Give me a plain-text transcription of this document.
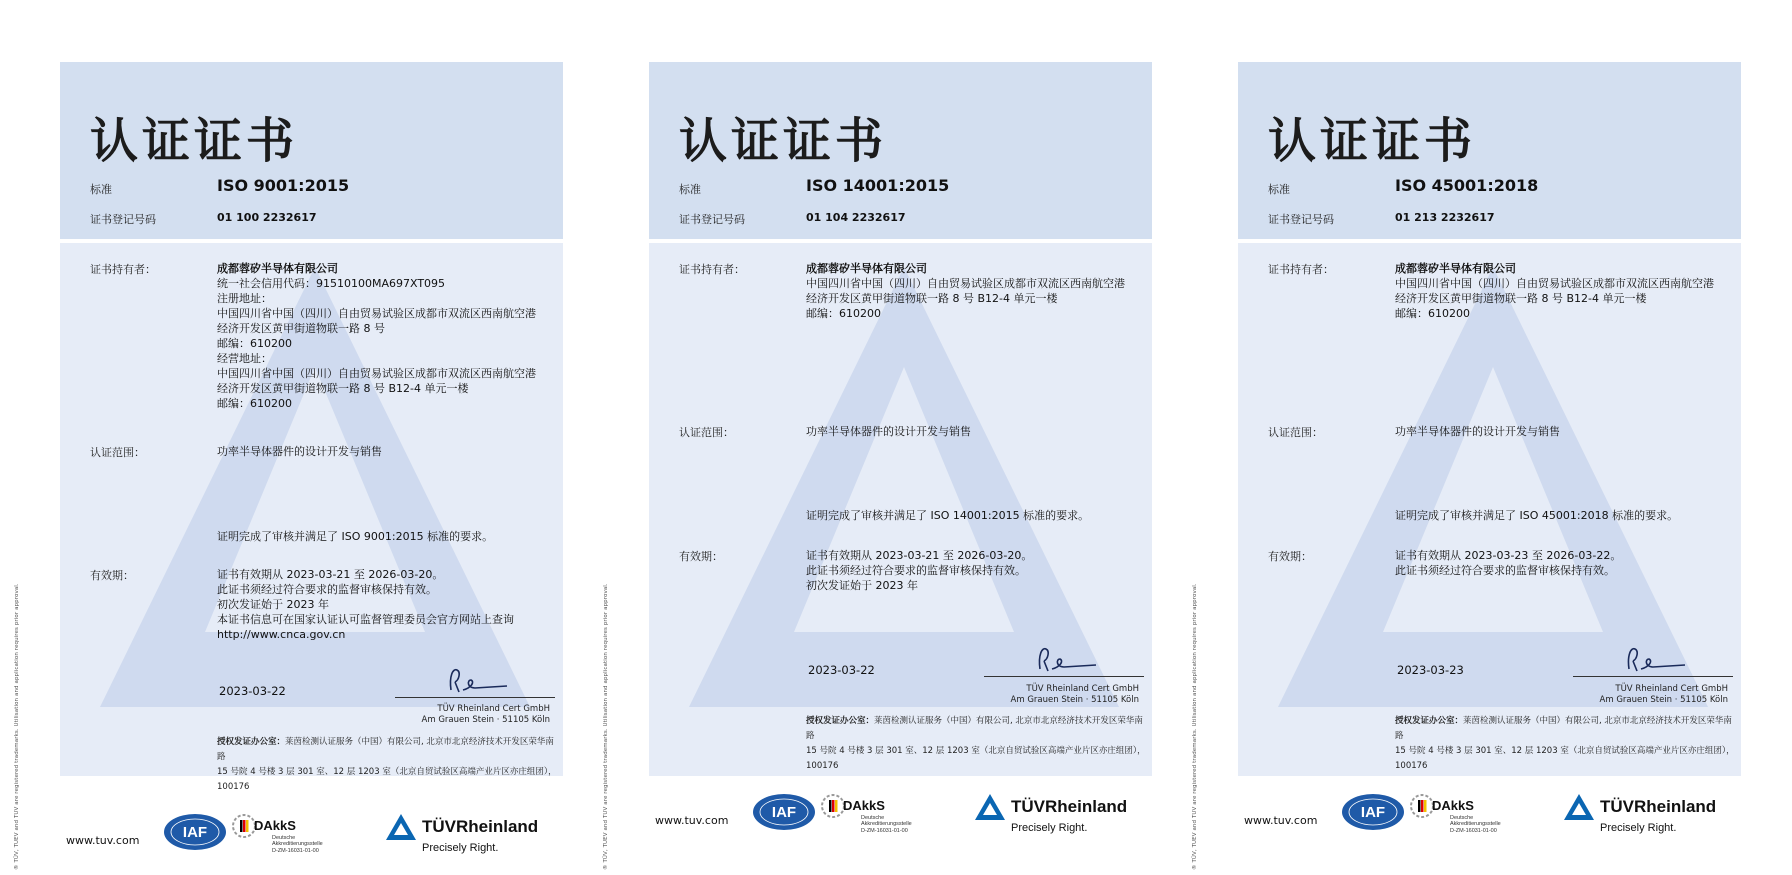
® TÜV, TUEV and TUV are registered trademarks. Utilisation and application requires prior approval.
认证证书
标准	ISO 9001:2015
证书登记号码	01 100 2232617
证书持有者：	成都蓉矽半导体有限公司
统一社会信用代码：91510100MA697XT095
注册地址：
中国四川省中国（四川）自由贸易试验区成都市双流区西南航空港
经济开发区黄甲街道物联一路 8 号
邮编：610200
经营地址：
中国四川省中国（四川）自由贸易试验区成都市双流区西南航空港
经济开发区黄甲街道物联一路 8 号 B12-4 单元一楼
邮编：610200
认证范围：	功率半导体器件的设计开发与销售
证明完成了审核并满足了 ISO 9001:2015 标准的要求。
有效期：	证书有效期从 2023-03-21 至 2026-03-20。
此证书须经过符合要求的监督审核保持有效。
初次发证始于 2023 年
本证书信息可在国家认证认可监督管理委员会官方网站上查询
http://www.cnca.gov.cn
2023-03-22
TÜV Rheinland Cert GmbH
Am Grauen Stein · 51105 Köln
授权发证办公室：莱茵检测认证服务（中国）有限公司, 北京市北京经济技术开发区荣华南路
15 号院 4 号楼 3 层 301 室、12 层 1203 室（北京自贸试验区高端产业片区亦庄组团），
100176
www.tuv.com	IAF	DAkkS
Deutsche
Akkreditierungsstelle
D-ZM-16031-01-00
TÜVRheinland
Precisely Right.	® TÜV, TUEV and TUV are registered trademarks. Utilisation and application requires prior approval.
认证证书
标准	ISO 14001:2015
证书登记号码	01 104 2232617
证书持有者：	成都蓉矽半导体有限公司
中国四川省中国（四川）自由贸易试验区成都市双流区西南航空港
经济开发区黄甲街道物联一路 8 号 B12-4 单元一楼
邮编：610200
认证范围：	功率半导体器件的设计开发与销售
证明完成了审核并满足了 ISO 14001:2015 标准的要求。
有效期：	证书有效期从 2023-03-21 至 2026-03-20。
此证书须经过符合要求的监督审核保持有效。
初次发证始于 2023 年
2023-03-22
TÜV Rheinland Cert GmbH
Am Grauen Stein · 51105 Köln
授权发证办公室：莱茵检测认证服务（中国）有限公司, 北京市北京经济技术开发区荣华南路
15 号院 4 号楼 3 层 301 室、12 层 1203 室（北京自贸试验区高端产业片区亦庄组团），
100176
www.tuv.com	IAF	DAkkS
Deutsche
Akkreditierungsstelle
D-ZM-16031-01-00
TÜVRheinland
Precisely Right.	® TÜV, TUEV and TUV are registered trademarks. Utilisation and application requires prior approval.
认证证书
标准	ISO 45001:2018
证书登记号码	01 213 2232617
证书持有者：	成都蓉矽半导体有限公司
中国四川省中国（四川）自由贸易试验区成都市双流区西南航空港
经济开发区黄甲街道物联一路 8 号 B12-4 单元一楼
邮编：610200
认证范围：	功率半导体器件的设计开发与销售
证明完成了审核并满足了 ISO 45001:2018 标准的要求。
有效期：	证书有效期从 2023-03-23 至 2026-03-22。
此证书须经过符合要求的监督审核保持有效。
2023-03-23
TÜV Rheinland Cert GmbH
Am Grauen Stein · 51105 Köln
授权发证办公室：莱茵检测认证服务（中国）有限公司, 北京市北京经济技术开发区荣华南路
15 号院 4 号楼 3 层 301 室、12 层 1203 室（北京自贸试验区高端产业片区亦庄组团），
100176
www.tuv.com	IAF	DAkkS
Deutsche
Akkreditierungsstelle
D-ZM-16031-01-00
TÜVRheinland
Precisely Right.
